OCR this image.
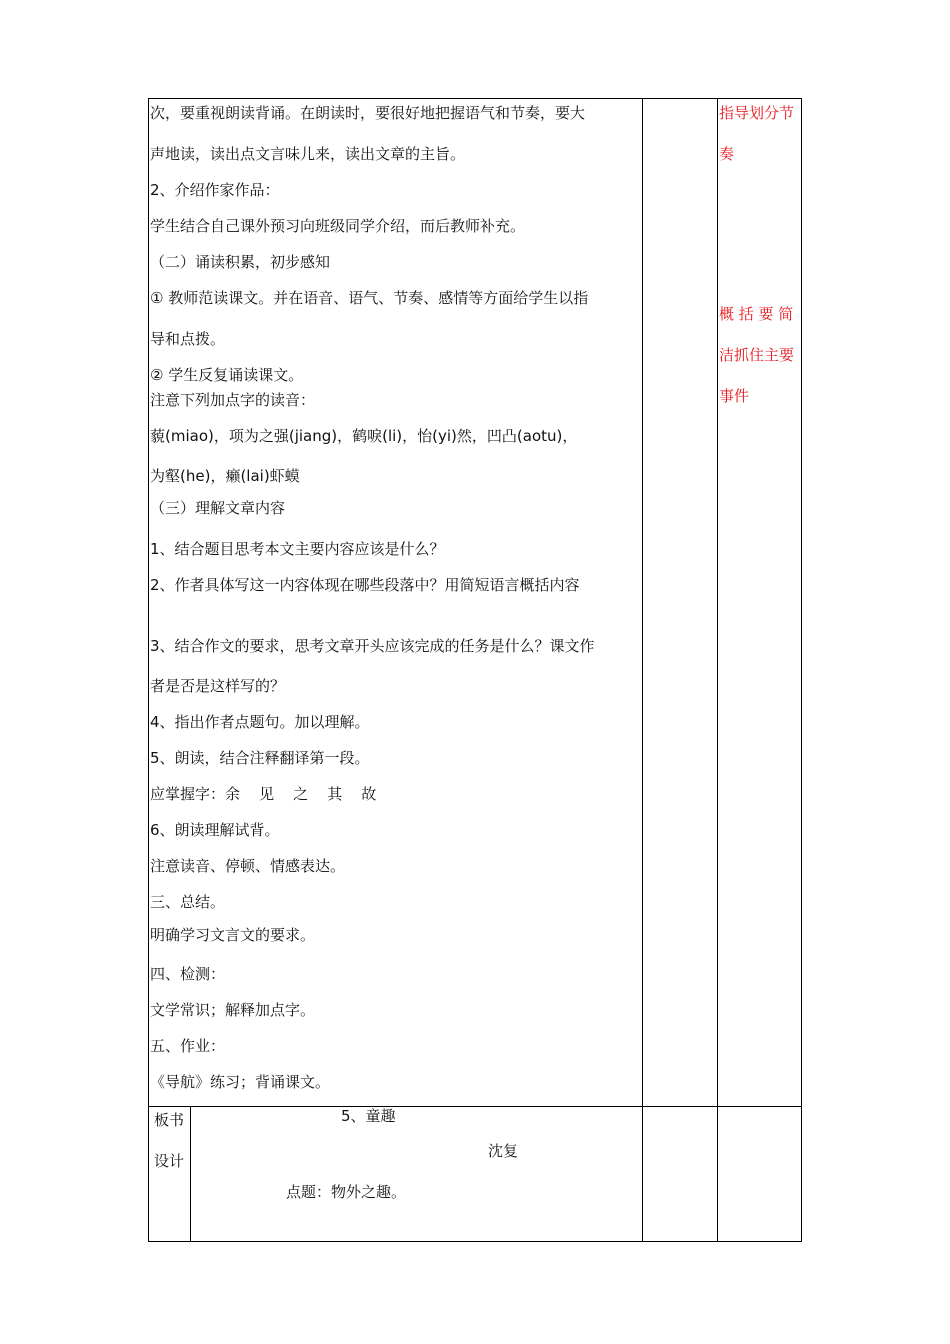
次，要重视朗读背诵。在朗读时，要很好地把握语气和节奏，要大
声地读，读出点文言味儿来，读出文章的主旨。
2、介绍作家作品：
学生结合自己课外预习向班级同学介绍，而后教师补充。
（二）诵读积累，初步感知
① 教师范读课文。并在语音、语气、节奏、感情等方面给学生以指
导和点拨。
② 学生反复诵读课文。
注意下列加点字的读音：
藐(miao)，项为之强(jiang)，鹤唳(li)，怡(yi)然，凹凸(aotu)，
为壑(he)，癞(lai)虾蟆
（三）理解文章内容
1、结合题目思考本文主要内容应该是什么？
2、作者具体写这一内容体现在哪些段落中？用简短语言概括内容
3、结合作文的要求，思考文章开头应该完成的任务是什么？课文作
者是否是这样写的？
4、指出作者点题句。加以理解。
5、朗读，结合注释翻译第一段。
应掌握字：余    见    之    其    故
6、朗读理解试背。
注意读音、停顿、情感表达。
三、总结。
明确学习文言文的要求。
四、检测：
文学常识；解释加点字。
五、作业：
《导航》练习；背诵课文。
指导划分节
奏
概 括 要 简
洁抓住主要
事件
板书
设计
5、童趣
沈复
点题：物外之趣。
